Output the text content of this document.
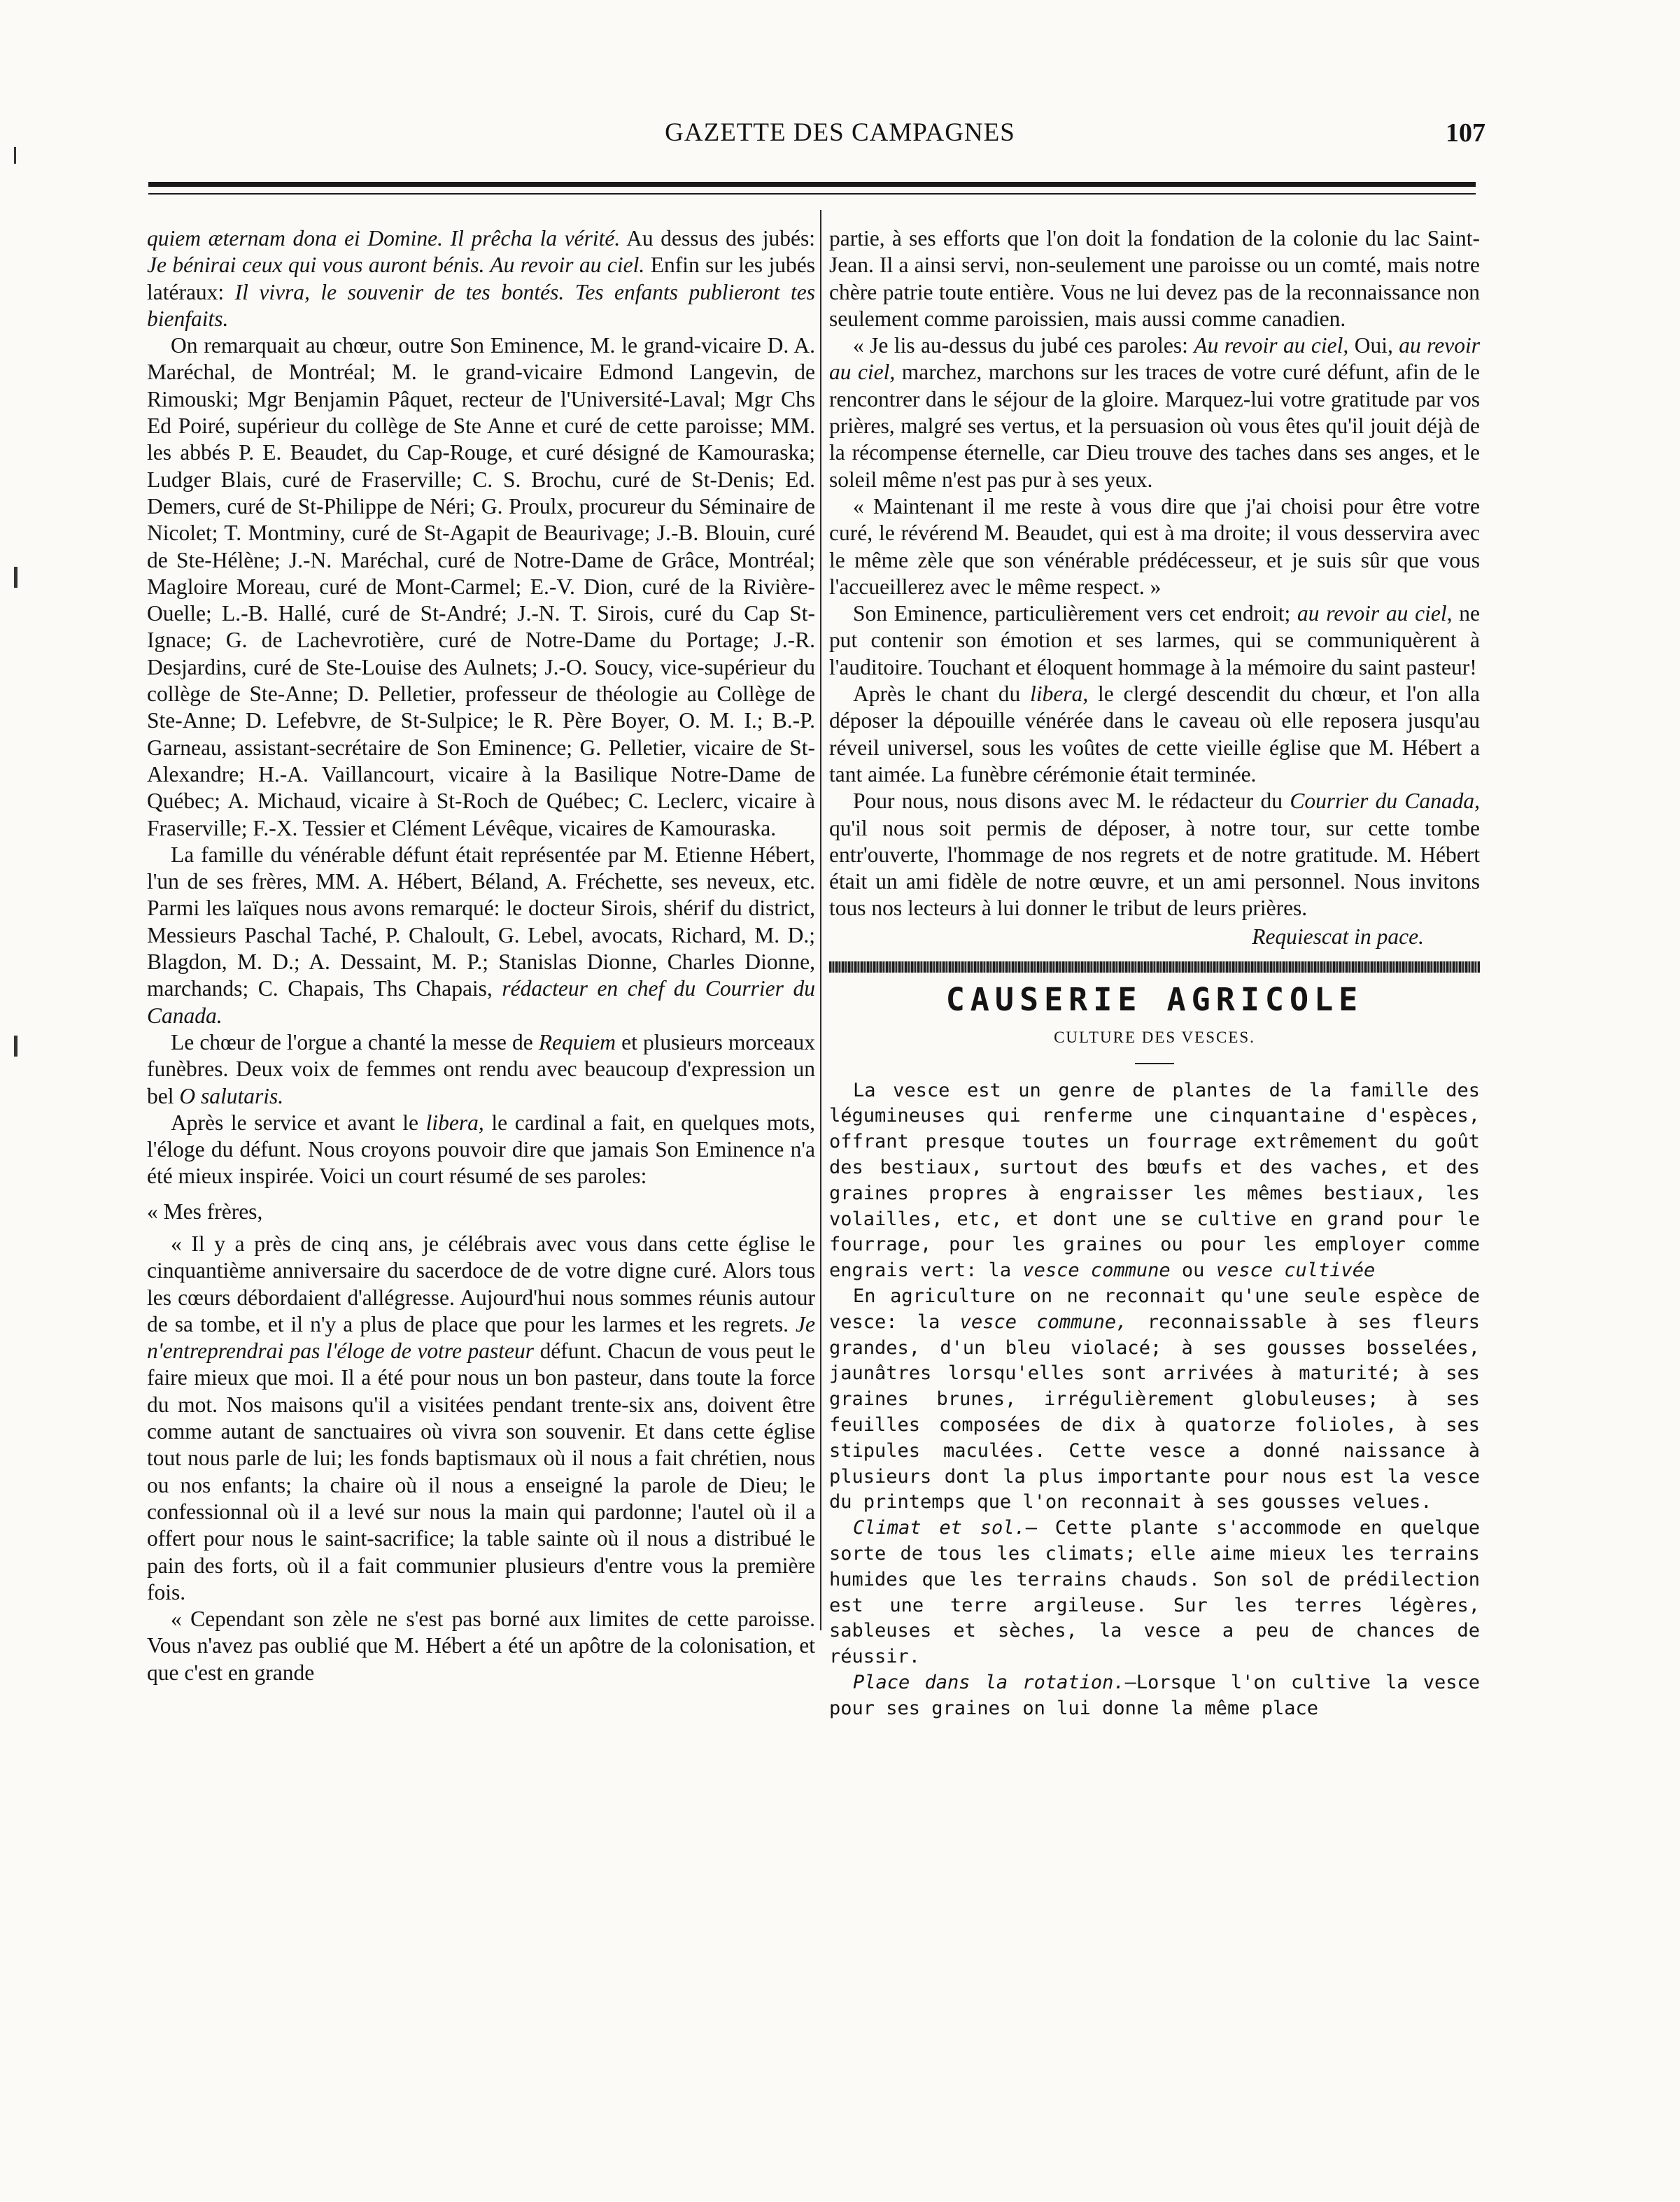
GAZETTE DES CAMPAGNES	107

quiem æternam dona ei Domine. Il prêcha la vérité. Au dessus des jubés: Je bénirai ceux qui vous auront bénis. Au revoir au ciel. Enfin sur les jubés latéraux: Il vivra, le souvenir de tes bontés. Tes enfants publieront tes bienfaits.

On remarquait au chœur, outre Son Eminence, M. le grand-vicaire D. A. Maréchal, de Montréal; M. le grand-vicaire Edmond Langevin, de Rimouski; Mgr Benjamin Pâquet, recteur de l'Université-Laval; Mgr Chs Ed Poiré, supérieur du collège de Ste Anne et curé de cette paroisse; MM. les abbés P. E. Beaudet, du Cap-Rouge, et curé désigné de Kamouraska; Ludger Blais, curé de Fraserville; C. S. Brochu, curé de St-Denis; Ed. Demers, curé de St-Philippe de Néri; G. Proulx, procureur du Séminaire de Nicolet; T. Montminy, curé de St-Agapit de Beaurivage; J.-B. Blouin, curé de Ste-Hélène; J.-N. Maréchal, curé de Notre-Dame de Grâce, Montréal; Magloire Moreau, curé de Mont-Carmel; E.-V. Dion, curé de la Rivière-Ouelle; L.-B. Hallé, curé de St-André; J.-N. T. Sirois, curé du Cap St-Ignace; G. de Lachevrotière, curé de Notre-Dame du Portage; J.-R. Desjardins, curé de Ste-Louise des Aulnets; J.-O. Soucy, vice-supérieur du collège de Ste-Anne; D. Pelletier, professeur de théologie au Collège de Ste-Anne; D. Lefebvre, de St-Sulpice; le R. Père Boyer, O. M. I.; B.-P. Garneau, assistant-secrétaire de Son Eminence; G. Pelletier, vicaire de St-Alexandre; H.-A. Vaillancourt, vicaire à la Basilique Notre-Dame de Québec; A. Michaud, vicaire à St-Roch de Québec; C. Leclerc, vicaire à Fraserville; F.-X. Tessier et Clément Lévêque, vicaires de Kamouraska.

La famille du vénérable défunt était représentée par M. Etienne Hébert, l'un de ses frères, MM. A. Hébert, Béland, A. Fréchette, ses neveux, etc. Parmi les laïques nous avons remarqué: le docteur Sirois, shérif du district, Messieurs Paschal Taché, P. Chaloult, G. Lebel, avocats, Richard, M. D.; Blagdon, M. D.; A. Dessaint, M. P.; Stanislas Dionne, Charles Dionne, marchands; C. Chapais, Ths Chapais, rédacteur en chef du Courrier du Canada.

Le chœur de l'orgue a chanté la messe de Requiem et plusieurs morceaux funèbres. Deux voix de femmes ont rendu avec beaucoup d'expression un bel O salutaris.

Après le service et avant le libera, le cardinal a fait, en quelques mots, l'éloge du défunt. Nous croyons pouvoir dire que jamais Son Eminence n'a été mieux inspirée. Voici un court résumé de ses paroles:

« Mes frères,

« Il y a près de cinq ans, je célébrais avec vous dans cette église le cinquantième anniversaire du sacerdoce de de votre digne curé. Alors tous les cœurs débordaient d'allégresse. Aujourd'hui nous sommes réunis autour de sa tombe, et il n'y a plus de place que pour les larmes et les regrets. Je n'entreprendrai pas l'éloge de votre pasteur défunt. Chacun de vous peut le faire mieux que moi. Il a été pour nous un bon pasteur, dans toute la force du mot. Nos maisons qu'il a visitées pendant trente-six ans, doivent être comme autant de sanctuaires où vivra son souvenir. Et dans cette église tout nous parle de lui; les fonds baptismaux où il nous a fait chrétien, nous ou nos enfants; la chaire où il nous a enseigné la parole de Dieu; le confessionnal où il a levé sur nous la main qui pardonne; l'autel où il a offert pour nous le saint-sacrifice; la table sainte où il nous a distribué le pain des forts, où il a fait communier plusieurs d'entre vous la première fois.

« Cependant son zèle ne s'est pas borné aux limites de cette paroisse. Vous n'avez pas oublié que M. Hébert a été un apôtre de la colonisation, et que c'est en grande

partie, à ses efforts que l'on doit la fondation de la colonie du lac Saint-Jean. Il a ainsi servi, non-seulement une paroisse ou un comté, mais notre chère patrie toute entière. Vous ne lui devez pas de la reconnaissance non seulement comme paroissien, mais aussi comme canadien.

« Je lis au-dessus du jubé ces paroles: Au revoir au ciel, Oui, au revoir au ciel, marchez, marchons sur les traces de votre curé défunt, afin de le rencontrer dans le séjour de la gloire. Marquez-lui votre gratitude par vos prières, malgré ses vertus, et la persuasion où vous êtes qu'il jouit déjà de la récompense éternelle, car Dieu trouve des taches dans ses anges, et le soleil même n'est pas pur à ses yeux.

« Maintenant il me reste à vous dire que j'ai choisi pour être votre curé, le révérend M. Beaudet, qui est à ma droite; il vous desservira avec le même zèle que son vénérable prédécesseur, et je suis sûr que vous l'accueillerez avec le même respect. »

Son Eminence, particulièrement vers cet endroit; au revoir au ciel, ne put contenir son émotion et ses larmes, qui se communiquèrent à l'auditoire. Touchant et éloquent hommage à la mémoire du saint pasteur!

Après le chant du libera, le clergé descendit du chœur, et l'on alla déposer la dépouille vénérée dans le caveau où elle reposera jusqu'au réveil universel, sous les voûtes de cette vieille église que M. Hébert a tant aimée. La funèbre cérémonie était terminée.

Pour nous, nous disons avec M. le rédacteur du Courrier du Canada, qu'il nous soit permis de déposer, à notre tour, sur cette tombe entr'ouverte, l'hommage de nos regrets et de notre gratitude. M. Hébert était un ami fidèle de notre œuvre, et un ami personnel. Nous invitons tous nos lecteurs à lui donner le tribut de leurs prières.

Requiescat in pace.
CAUSERIE AGRICOLE
CULTURE DES VESCES.

La vesce est un genre de plantes de la famille des légumineuses qui renferme une cinquantaine d'espèces, offrant presque toutes un fourrage extrêmement du goût des bestiaux, surtout des bœufs et des vaches, et des graines propres à engraisser les mêmes bestiaux, les volailles, etc, et dont une se cultive en grand pour le fourrage, pour les graines ou pour les employer comme engrais vert: la vesce commune ou vesce cultivée

En agriculture on ne reconnait qu'une seule espèce de vesce: la vesce commune, reconnaissable à ses fleurs grandes, d'un bleu violacé; à ses gousses bosselées, jaunâtres lorsqu'elles sont arrivées à maturité; à ses graines brunes, irrégulièrement globuleuses; à ses feuilles composées de dix à quatorze folioles, à ses stipules maculées. Cette vesce a donné naissance à plusieurs dont la plus importante pour nous est la vesce du printemps que l'on reconnait à ses gousses velues.

Climat et sol.— Cette plante s'accommode en quelque sorte de tous les climats; elle aime mieux les terrains humides que les terrains chauds. Son sol de prédilection est une terre argileuse. Sur les terres légères, sableuses et sèches, la vesce a peu de chances de réussir.

Place dans la rotation.—Lorsque l'on cultive la vesce pour ses graines on lui donne la même place
